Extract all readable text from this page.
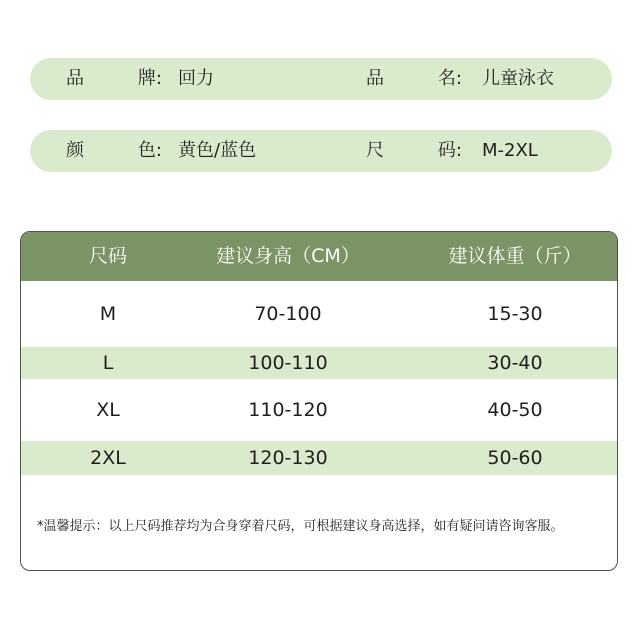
品	牌: 回力	品	名: 儿童泳衣
颜	色: 黄色/蓝色	尺	码: M-2XL
尺码	建议身高（CM）	建议体重（斤）
M	70-100	15-30
L	100-110	30-40
XL	110-120	40-50
2XL	120-130	50-60
*温馨提示：以上尺码推荐均为合身穿着尺码，可根据建议身高选择，如有疑问请咨询客服。
